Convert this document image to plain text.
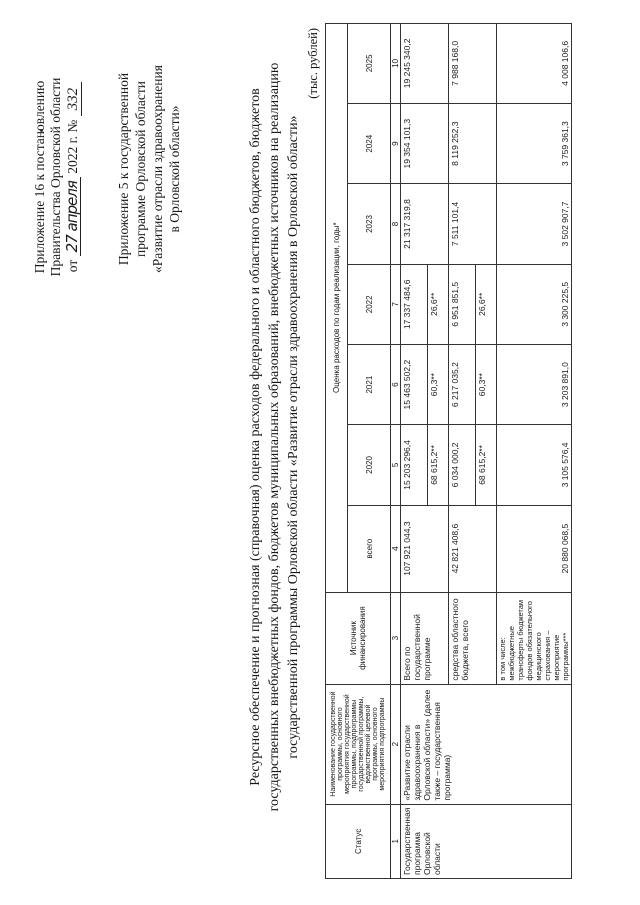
Приложение 16 к постановлению Правительства Орловской области от 27 апреля 2022 г. № 332	Приложение 5 к государственной программе Орловской области «Развитие отрасли здравоохранения в Орловской области»	Ресурсное обеспечение и прогнозная (справочная) оценка расходов федерального и областного бюджетов, бюджетов государственных внебюджетных фондов, бюджетов муниципальных образований, внебюджетных источников на реализацию государственной программы Орловской области «Развитие отрасли здравоохранения в Орловской области»
(тыс. рублей)
Статус	Наименование государственной программы, основного мероприятия государственной программы, подпрограммы государственной программы, ведомственной целевой программы, основного мероприятия подпрограммы	Источник финансирования	Оценка расходов по годам реализации, годы*							
			всего	2020	2021	2022	2023	2024	2025	
1	2	3	4	5	6	7	8	9	10	
Государственная программа Орловской области	«Развитие отрасли здравоохранения в Орловской области» (далее также – государственная программа)	Всего по государственной программе	107 921 044,3	15 203 296,4	15 463 502,2	17 337 484,6	21 317 319,8	19 354 101,3	19 245 340,2	
				68 615,2**	60,3**	26,6**				
		средства областного бюджета, всего	42 821 408,6	6 034 000,2	6 217 035,2	6 951 851,5	7 511 101,4	8 119 252,3	7 988 168,0	
				68 615,2**	60,3**	26,6**				
		в том числе: межбюджетные трансферты бюджетам фондов обязательного медицинского страхования – мероприятие программы***	20 880 068,5	3 105 576,4	3 203 891,0	3 300 225,5	3 502 907,7	3 759 361,3	4 008 106,6	
